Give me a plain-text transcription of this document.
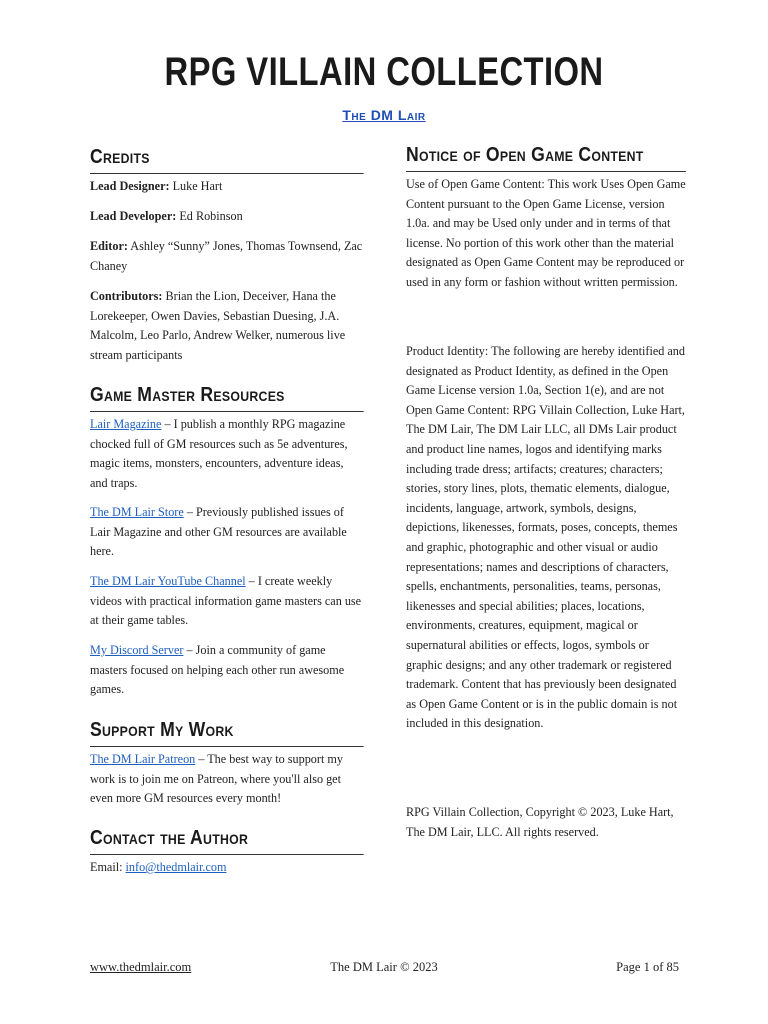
RPG VILLAIN COLLECTION
The DM Lair
Credits

Lead Designer: Luke Hart

Lead Developer: Ed Robinson

Editor: Ashley “Sunny” Jones, Thomas Townsend, Zac Chaney

Contributors: Brian the Lion, Deceiver, Hana the Lorekeeper, Owen Davies, Sebastian Duesing, J.A. Malcolm, Leo Parlo, Andrew Welker, numerous live stream participants

Game Master Resources

Lair Magazine – I publish a monthly RPG magazine chocked full of GM resources such as 5e adventures, magic items, monsters, encounters, adventure ideas, and traps.

The DM Lair Store – Previously published issues of Lair Magazine and other GM resources are available here.

The DM Lair YouTube Channel – I create weekly videos with practical information game masters can use at their game tables.

My Discord Server – Join a community of game masters focused on helping each other run awesome games.

Support My Work

The DM Lair Patreon – The best way to support my work is to join me on Patreon, where you'll also get even more GM resources every month!

Contact the Author

Email: info@thedmlair.com

Notice of Open Game Content

Use of Open Game Content: This work Uses Open Game Content pursuant to the Open Game License, version 1.0a. and may be Used only under and in terms of that license. No portion of this work other than the material designated as Open Game Content may be reproduced or used in any form or fashion without written permission.

Product Identity: The following are hereby identified and designated as Product Identity, as defined in the Open Game License version 1.0a, Section 1(e), and are not Open Game Content: RPG Villain Collection, Luke Hart, The DM Lair, The DM Lair LLC, all DMs Lair product and product line names, logos and identifying marks including trade dress; artifacts; creatures; characters; stories, story lines, plots, thematic elements, dialogue, incidents, language, artwork, symbols, designs, depictions, likenesses, formats, poses, concepts, themes and graphic, photographic and other visual or audio representations; names and descriptions of characters, spells, enchantments, personalities, teams, personas, likenesses and special abilities; places, locations, environments, creatures, equipment, magical or supernatural abilities or effects, logos, symbols or graphic designs; and any other trademark or registered trademark. Content that has previously been designated as Open Game Content or is in the public domain is not included in this designation.

RPG Villain Collection, Copyright © 2023, Luke Hart, The DM Lair, LLC. All rights reserved.

www.thedmlair.com	The DM Lair © 2023	Page 1 of 85
